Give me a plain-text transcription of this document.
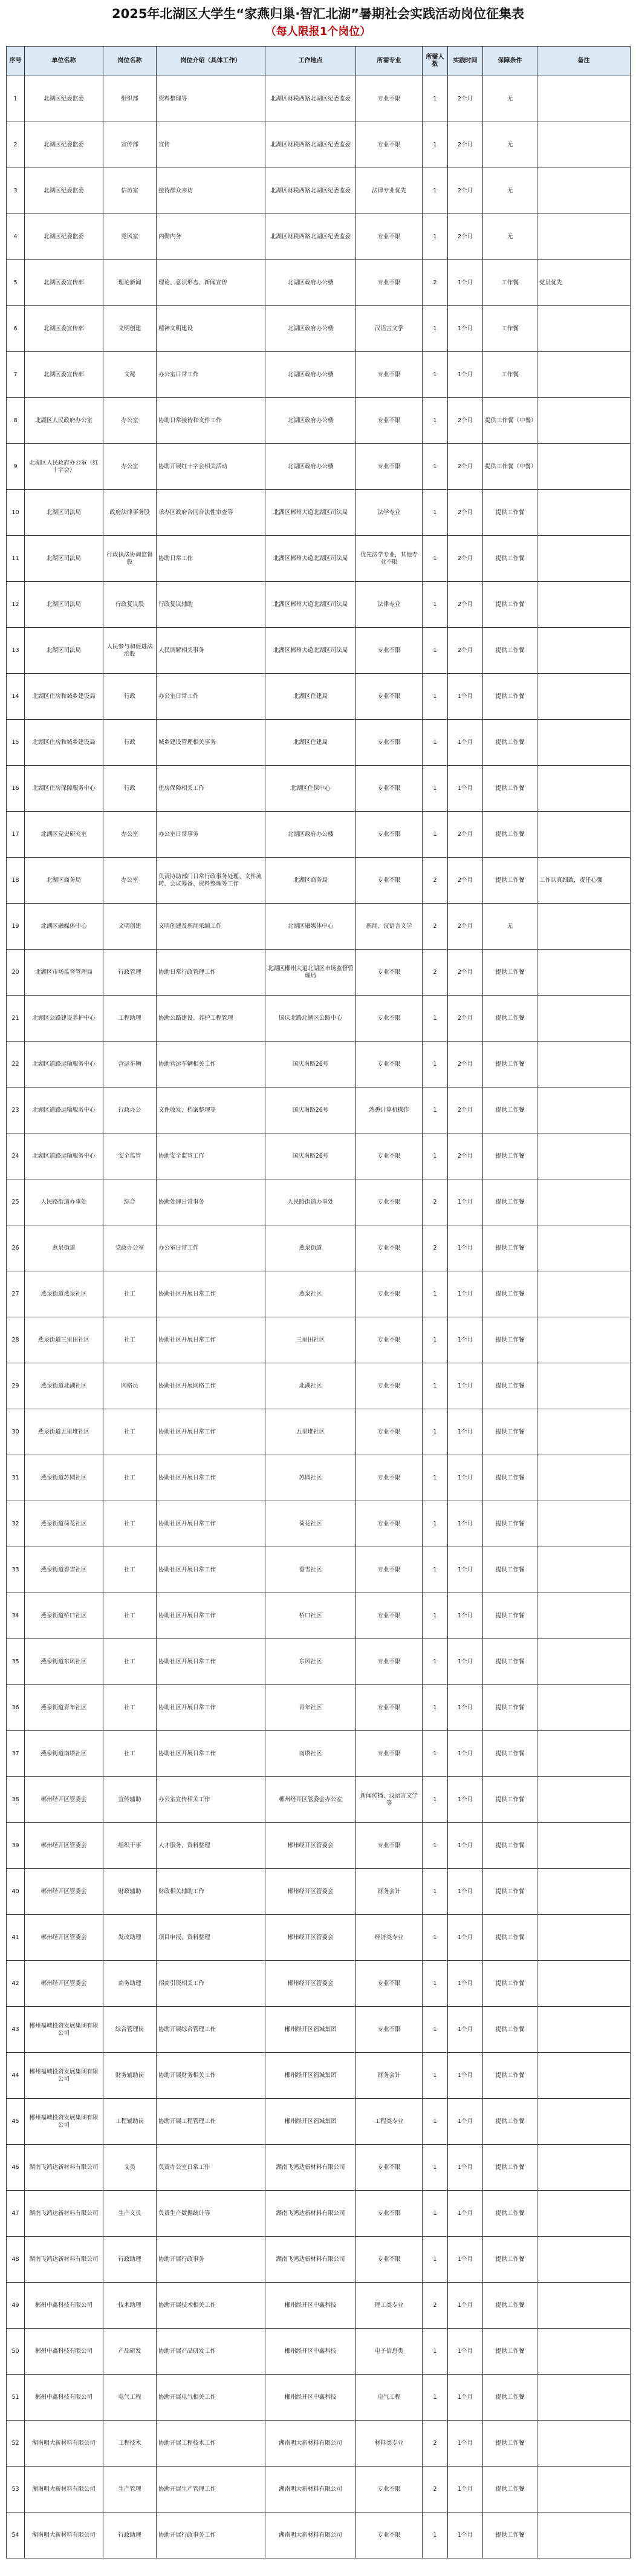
2025年北湖区大学生“家燕归巢·智汇北湖”暑期社会实践活动岗位征集表
（每人限报1个岗位）
序号	单位名称	岗位名称	岗位介绍（具体工作）	工作地点	所需专业	所需人数	实践时间	保障条件	备注
1	北湖区纪委监委	组织部	资料整理等	北湖区财税西路北湖区纪委监委	专业不限	1	2个月	无	
2	北湖区纪委监委	宣传部	宣传	北湖区财税西路北湖区纪委监委	专业不限	1	2个月	无	
3	北湖区纪委监委	信访室	接待群众来访	北湖区财税西路北湖区纪委监委	法律专业优先	1	2个月	无	
4	北湖区纪委监委	党风室	内勤内务	北湖区财税西路北湖区纪委监委	专业不限	1	2个月	无	
5	北湖区委宣传部	理论新闻	理论、意识形态、新闻宣传	北湖区政府办公楼	专业不限	2	1个月	工作餐	党员优先
6	北湖区委宣传部	文明创建	精神文明建设	北湖区政府办公楼	汉语言文学	1	1个月	工作餐	
7	北湖区委宣传部	文秘	办公室日常工作	北湖区政府办公楼	专业不限	1	1个月	工作餐	
8	北湖区人民政府办公室	办公室	协助日常接待和文件工作	北湖区政府办公楼	专业不限	1	2个月	提供工作餐（中餐）	
9	北湖区人民政府办公室（红十字会）	办公室	协助开展红十字会相关活动	北湖区政府办公楼	专业不限	1	2个月	提供工作餐（中餐）	
10	北湖区司法局	政府法律事务股	承办区政府合同合法性审查等	北湖区郴州大道北湖区司法局	法学专业	1	2个月	提供工作餐	
11	北湖区司法局	行政执法协调监督股	协助日常工作	北湖区郴州大道北湖区司法局	优先法学专业，其他专业不限	1	2个月	提供工作餐	
12	北湖区司法局	行政复议股	行政复议辅助	北湖区郴州大道北湖区司法局	法律专业	1	2个月	提供工作餐	
13	北湖区司法局	人民参与和促进法治股	人民调解相关事务	北湖区郴州大道北湖区司法局	专业不限	1	2个月	提供工作餐	
14	北湖区住房和城乡建设局	行政	办公室日常工作	北湖区住建局	专业不限	1	1个月	提供工作餐	
15	北湖区住房和城乡建设局	行政	城乡建设管理相关事务	北湖区住建局	专业不限	1	1个月	提供工作餐	
16	北湖区住房保障服务中心	行政	住房保障相关工作	北湖区住保中心	专业不限	1	1个月	提供工作餐	
17	北湖区党史研究室	办公室	办公室日常事务	北湖区政府办公楼	专业不限	1	2个月	提供工作餐	
18	北湖区商务局	办公室	负责协助部门日常行政事务处理、文件流转、会议筹备、资料整理等工作	北湖区商务局	专业不限	2	2个月	提供工作餐	工作认真细致，责任心强
19	北湖区融媒体中心	文明创建	文明创建及新闻采编工作	北湖区融媒体中心	新闻、汉语言文学	2	2个月	无	
20	北湖区市场监督管理局	行政管理	协助日常行政管理工作	北湖区郴州大道北湖区市场监督管理局	专业不限	2	2个月	提供工作餐	
21	北湖区公路建设养护中心	工程助理	协助公路建设、养护工程管理	国庆北路北湖区公路中心	专业不限	1	2个月	提供工作餐	
22	北湖区道路运输服务中心	营运车辆	协助营运车辆相关工作	国庆南路26号	专业不限	1	2个月	提供工作餐	
23	北湖区道路运输服务中心	行政办公	文件收发、档案整理等	国庆南路26号	熟悉计算机操作	1	2个月	提供工作餐	
24	北湖区道路运输服务中心	安全监管	协助安全监管工作	国庆南路26号	专业不限	1	2个月	提供工作餐	
25	人民路街道办事处	综合	协助处理日常事务	人民路街道办事处	专业不限	2	1个月	提供工作餐	
26	燕泉街道	党政办公室	办公室日常工作	燕泉街道	专业不限	2	1个月	提供工作餐	
27	燕泉街道燕泉社区	社工	协助社区开展日常工作	燕泉社区	专业不限	1	1个月	提供工作餐	
28	燕泉街道三里田社区	社工	协助社区开展日常工作	三里田社区	专业不限	1	1个月	提供工作餐	
29	燕泉街道北湖社区	网格员	协助社区开展网格工作	北湖社区	专业不限	1	1个月	提供工作餐	
30	燕泉街道五里堆社区	社工	协助社区开展日常工作	五里堆社区	专业不限	1	1个月	提供工作餐	
31	燕泉街道苏园社区	社工	协助社区开展日常工作	苏园社区	专业不限	1	1个月	提供工作餐	
32	燕泉街道荷花社区	社工	协助社区开展日常工作	荷花社区	专业不限	1	1个月	提供工作餐	
33	燕泉街道香雪社区	社工	协助社区开展日常工作	香雪社区	专业不限	1	1个月	提供工作餐	
34	燕泉街道桥口社区	社工	协助社区开展日常工作	桥口社区	专业不限	1	1个月	提供工作餐	
35	燕泉街道东风社区	社工	协助社区开展日常工作	东风社区	专业不限	1	1个月	提供工作餐	
36	燕泉街道青年社区	社工	协助社区开展日常工作	青年社区	专业不限	1	1个月	提供工作餐	
37	燕泉街道南塔社区	社工	协助社区开展日常工作	南塔社区	专业不限	1	1个月	提供工作餐	
38	郴州经开区管委会	宣传辅助	办公室宣传相关工作	郴州经开区管委会办公室	新闻传播、汉语言文学等	1	1个月	提供工作餐	
39	郴州经开区管委会	组织干事	人才服务、资料整理	郴州经开区管委会	专业不限	1	1个月	提供工作餐	
40	郴州经开区管委会	财政辅助	财政相关辅助工作	郴州经开区管委会	财务会计	1	1个月	提供工作餐	
41	郴州经开区管委会	发改助理	项目申报、资料整理	郴州经开区管委会	经济类专业	1	1个月	提供工作餐	
42	郴州经开区管委会	商务助理	招商引资相关工作	郴州经开区管委会	专业不限	1	1个月	提供工作餐	
43	郴州福城投资发展集团有限公司	综合管理岗	协助开展综合管理工作	郴州经开区福城集团	专业不限	1	1个月	提供工作餐	
44	郴州福城投资发展集团有限公司	财务辅助岗	协助开展财务相关工作	郴州经开区福城集团	财务会计	1	1个月	提供工作餐	
45	郴州福城投资发展集团有限公司	工程辅助岗	协助开展工程管理工作	郴州经开区福城集团	工程类专业	1	1个月	提供工作餐	
46	湖南飞鸿达新材料有限公司	文员	负责办公室日常工作	湖南飞鸿达新材料有限公司	专业不限	1	1个月	提供工作餐	
47	湖南飞鸿达新材料有限公司	生产文员	负责生产数据统计等	湖南飞鸿达新材料有限公司	专业不限	1	1个月	提供工作餐	
48	湖南飞鸿达新材料有限公司	行政助理	协助开展行政事务	湖南飞鸿达新材料有限公司	专业不限	1	1个月	提供工作餐	
49	郴州中鑫科技有限公司	技术助理	协助开展技术相关工作	郴州经开区中鑫科技	理工类专业	2	1个月	提供工作餐	
50	郴州中鑫科技有限公司	产品研发	协助开展产品研发工作	郴州经开区中鑫科技	电子信息类	1	1个月	提供工作餐	
51	郴州中鑫科技有限公司	电气工程	协助开展电气相关工作	郴州经开区中鑫科技	电气工程	1	1个月	提供工作餐	
52	湖南明大新材料有限公司	工程技术	协助开展工程技术工作	湖南明大新材料有限公司	材料类专业	2	1个月	提供工作餐	
53	湖南明大新材料有限公司	生产管理	协助开展生产管理工作	湖南明大新材料有限公司	专业不限	2	1个月	提供工作餐	
54	湖南明大新材料有限公司	行政助理	协助开展行政事务工作	湖南明大新材料有限公司	专业不限	1	1个月	提供工作餐	
